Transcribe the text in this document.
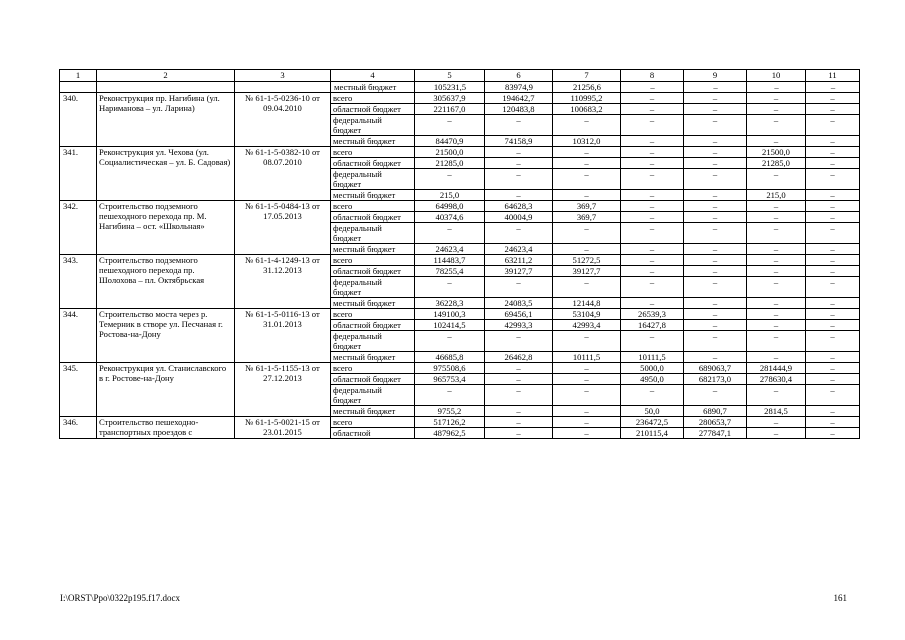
1	2	3	4	5	6	7	8	9	10	11
			местный бюджет	105231,5	83974,9	21256,6	–	–	–	–
340.	Реконструкция пр. Нагибина (ул. Нариманова – ул. Ларина)	№ 61-1-5-0236-10 от 09.04.2010	всего	305637,9	194642,7	110995,2	–	–	–	–
			областной бюджет	221167,0	120483,8	100683,2	–	–	–	–
			федеральный бюджет	–	–	–	–	–	–	–
			местный бюджет	84470,9	74158,9	10312,0	–	–	–	–
341.	Реконструкция ул. Чехова (ул. Социалистическая – ул. Б. Садовая)	№ 61-1-5-0382-10 от 08.07.2010	всего	21500,0	–	–	–	–	21500,0	–
			областной бюджет	21285,0	–	–	–	–	21285,0	–
			федеральный бюджет	–	–	–	–	–	–	–
			местный бюджет	215,0	–	–	–	–	215,0	–
342.	Строительство подземного пешеходного перехода пр. М. Нагибина – ост. «Школьная»	№ 61-1-5-0484-13 от 17.05.2013	всего	64998,0	64628,3	369,7	–	–	–	–
			областной бюджет	40374,6	40004,9	369,7	–	–	–	–
			федеральный бюджет	–	–	–	–	–	–	–
			местный бюджет	24623,4	24623,4	–	–	–	–	–
343.	Строительство подземного пешеходного перехода пр. Шолохова – пл. Октябрьская	№ 61-1-4-1249-13 от 31.12.2013	всего	114483,7	63211,2	51272,5	–	–	–	–
			областной бюджет	78255,4	39127,7	39127,7	–	–	–	–
			федеральный бюджет	–	–	–	–	–	–	–
			местный бюджет	36228,3	24083,5	12144,8	–	–	–	–
344.	Строительство моста через р. Темерник в створе ул. Песчаная г. Ростова-на-Дону	№ 61-1-5-0116-13 от 31.01.2013	всего	149100,3	69456,1	53104,9	26539,3	–	–	–
			областной бюджет	102414,5	42993,3	42993,4	16427,8	–	–	–
			федеральный бюджет	–	–	–	–	–	–	–
			местный бюджет	46685,8	26462,8	10111,5	10111,5	–	–	–
345.	Реконструкция ул. Станиславского в г. Ростове-на-Дону	№ 61-1-5-1155-13 от 27.12.2013	всего	975508,6	–	–	5000,0	689063,7	281444,9	–
			областной бюджет	965753,4	–	–	4950,0	682173,0	278630,4	–
			федеральный бюджет	–	–	–	–	–	–	–
			местный бюджет	9755,2	–	–	50,0	6890,7	2814,5	–
346.	Строительство пешеходно-транспортных проездов с	№ 61-1-5-0021-15 от 23.01.2015	всего	517126,2	–	–	236472,5	280653,7	–	–
			областной	487962,5	–	–	210115,4	277847,1	–	–
I:\ORST\Ppo\0322p195.f17.docx	161
